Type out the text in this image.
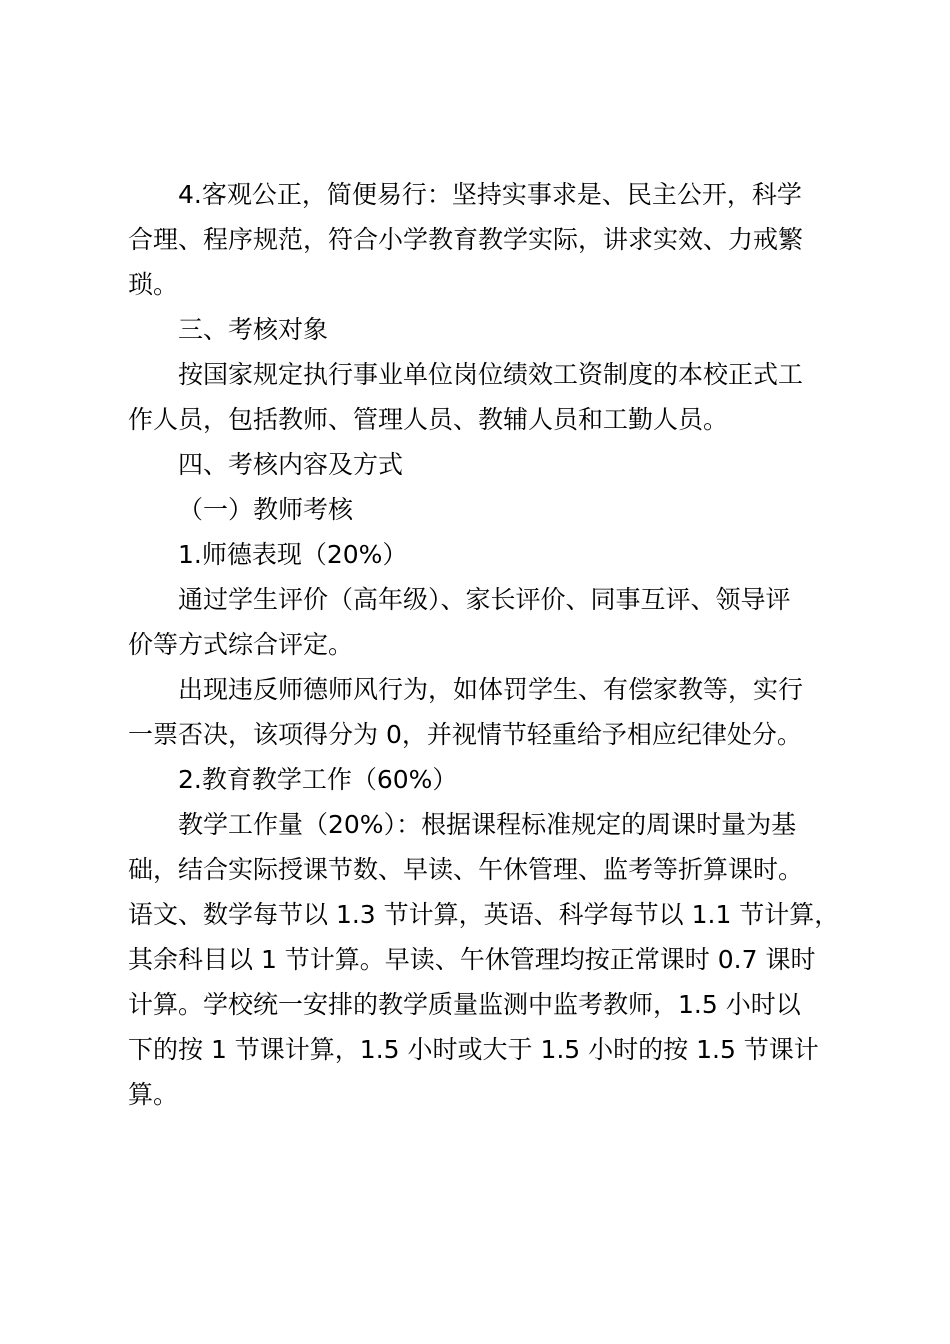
4.客观公正，简便易行：坚持实事求是、民主公开，科学
合理、程序规范，符合小学教育教学实际，讲求实效、力戒繁
琐。

三、考核对象

按国家规定执行事业单位岗位绩效工资制度的本校正式工
作人员，包括教师、管理人员、教辅人员和工勤人员。

四、考核内容及方式

（一）教师考核

1.师德表现（20%）

通过学生评价（高年级）、家长评价、同事互评、领导评
价等方式综合评定。

出现违反师德师风行为，如体罚学生、有偿家教等，实行
一票否决，该项得分为 0，并视情节轻重给予相应纪律处分。

2.教育教学工作（60%）

教学工作量（20%）：根据课程标准规定的周课时量为基
础，结合实际授课节数、早读、午休管理、监考等折算课时。
语文、数学每节以 1.3 节计算，英语、科学每节以 1.1 节计算，
其余科目以 1 节计算。早读、午休管理均按正常课时 0.7 课时
计算。学校统一安排的教学质量监测中监考教师，1.5 小时以
下的按 1 节课计算，1.5 小时或大于 1.5 小时的按 1.5 节课计
算。
